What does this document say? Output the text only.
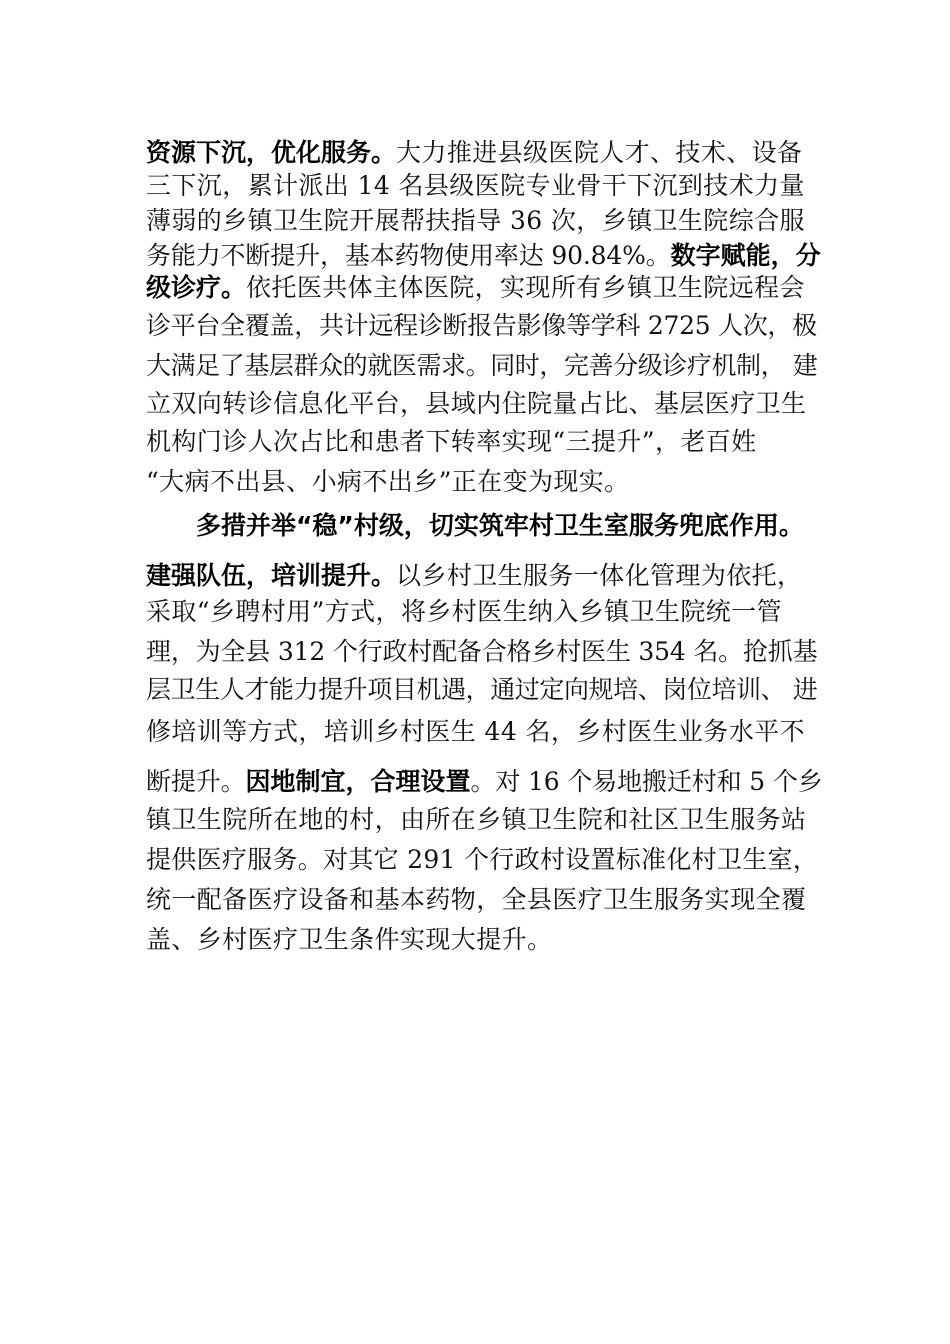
资源下沉，优化服务。大力推进县级医院人才、技术、设备

三下沉，累计派出 14 名县级医院专业骨干下沉到技术力量

薄弱的乡镇卫生院开展帮扶指导 36 次，乡镇卫生院综合服

务能力不断提升，基本药物使用率达 90.84%。数字赋能，分

级诊疗。依托医共体主体医院，实现所有乡镇卫生院远程会

诊平台全覆盖，共计远程诊断报告影像等学科 2725 人次，极

大满足了基层群众的就医需求。同时，完善分级诊疗机制， 建

立双向转诊信息化平台，县域内住院量占比、基层医疗卫生

机构门诊人次占比和患者下转率实现“三提升”，老百姓

“大病不出县、小病不出乡”正在变为现实。

多措并举“稳”村级，切实筑牢村卫生室服务兜底作用。

建强队伍，培训提升。以乡村卫生服务一体化管理为依托，

采取“乡聘村用”方式，将乡村医生纳入乡镇卫生院统一管

理，为全县 312 个行政村配备合格乡村医生 354 名。抢抓基

层卫生人才能力提升项目机遇，通过定向规培、岗位培训、 进

修培训等方式，培训乡村医生 44 名，乡村医生业务水平不

断提升。因地制宜，合理设置。对 16 个易地搬迁村和 5 个乡

镇卫生院所在地的村，由所在乡镇卫生院和社区卫生服务站

提供医疗服务。对其它 291 个行政村设置标准化村卫生室，

统一配备医疗设备和基本药物，全县医疗卫生服务实现全覆

盖、乡村医疗卫生条件实现大提升。
